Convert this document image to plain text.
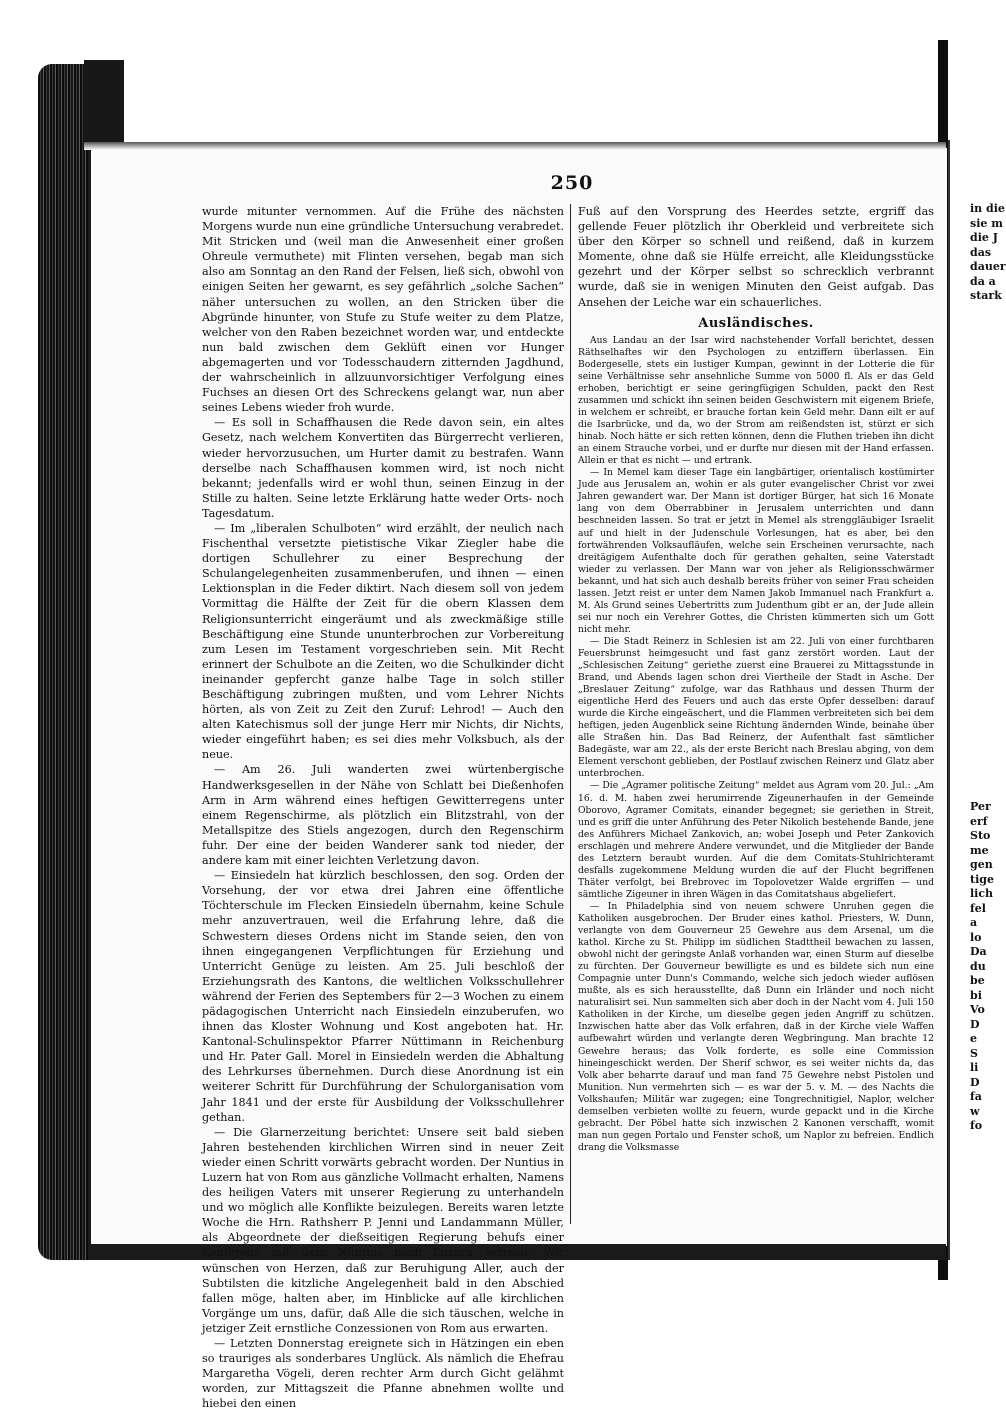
in die
sie m
die J
das
dauer
da a
stark
Per
erf
Sto
me
gen
tige
lich
fel
a
lo
Da
du
be
bi
Vo
D
e
S
li
D
fa
w
fo
250

wurde mitunter vernommen. Auf die Frühe des nächsten Morgens wurde nun eine gründliche Untersuchung verabredet. Mit Stricken und (weil man die Anwesenheit einer großen Ohreule vermuthete) mit Flinten versehen, begab man sich also am Sonntag an den Rand der Felsen, ließ sich, obwohl von einigen Seiten her gewarnt, es sey gefährlich „solche Sachen“ näher untersuchen zu wollen, an den Stricken über die Abgründe hinunter, von Stufe zu Stufe weiter zu dem Platze, welcher von den Raben bezeichnet worden war, und entdeckte nun bald zwischen dem Geklüft einen vor Hunger abgemagerten und vor Todesschaudern zitternden Jagdhund, der wahrscheinlich in allzuunvorsichtiger Verfolgung eines Fuchses an diesen Ort des Schreckens gelangt war, nun aber seines Lebens wieder froh wurde.

— Es soll in Schaffhausen die Rede davon sein, ein altes Gesetz, nach welchem Konvertiten das Bürgerrecht verlieren, wieder hervorzusuchen, um Hurter damit zu bestrafen. Wann derselbe nach Schaffhausen kommen wird, ist noch nicht bekannt; jedenfalls wird er wohl thun, seinen Einzug in der Stille zu halten. Seine letzte Erklärung hatte weder Orts- noch Tagesdatum.

— Im „liberalen Schulboten“ wird erzählt, der neulich nach Fischenthal versetzte pietistische Vikar Ziegler habe die dortigen Schullehrer zu einer Besprechung der Schulangelegenheiten zusammenberufen, und ihnen — einen Lektionsplan in die Feder diktirt. Nach diesem soll von jedem Vormittag die Hälfte der Zeit für die obern Klassen dem Religionsunterricht eingeräumt und als zweckmäßige stille Beschäftigung eine Stunde ununterbrochen zur Vorbereitung zum Lesen im Testament vorgeschrieben sein. Mit Recht erinnert der Schulbote an die Zeiten, wo die Schulkinder dicht ineinander gepfercht ganze halbe Tage in solch stiller Beschäftigung zubringen mußten, und vom Lehrer Nichts hörten, als von Zeit zu Zeit den Zuruf: Lehrod! — Auch den alten Katechismus soll der junge Herr mir Nichts, dir Nichts, wieder eingeführt haben; es sei dies mehr Volksbuch, als der neue.

— Am 26. Juli wanderten zwei würtenbergische Handwerksgesellen in der Nähe von Schlatt bei Dießenhofen Arm in Arm während eines heftigen Gewitterregens unter einem Regenschirme, als plötzlich ein Blitzstrahl, von der Metallspitze des Stiels angezogen, durch den Regenschirm fuhr. Der eine der beiden Wanderer sank tod nieder, der andere kam mit einer leichten Verletzung davon.

— Einsiedeln hat kürzlich beschlossen, den sog. Orden der Vorsehung, der vor etwa drei Jahren eine öffentliche Töchterschule im Flecken Einsiedeln übernahm, keine Schule mehr anzuvertrauen, weil die Erfahrung lehre, daß die Schwestern dieses Ordens nicht im Stande seien, den von ihnen eingegangenen Verpflichtungen für Erziehung und Unterricht Genüge zu leisten. Am 25. Juli beschloß der Erziehungsrath des Kantons, die weltlichen Volksschullehrer während der Ferien des Septembers für 2—3 Wochen zu einem pädagogischen Unterricht nach Einsiedeln einzuberufen, wo ihnen das Kloster Wohnung und Kost angeboten hat. Hr. Kantonal-Schulinspektor Pfarrer Nüttimann in Reichenburg und Hr. Pater Gall. Morel in Einsiedeln werden die Abhaltung des Lehrkurses übernehmen. Durch diese Anordnung ist ein weiterer Schritt für Durchführung der Schulorganisation vom Jahr 1841 und der erste für Ausbildung der Volksschullehrer gethan.

— Die Glarnerzeitung berichtet: Unsere seit bald sieben Jahren bestehenden kirchlichen Wirren sind in neuer Zeit wieder einen Schritt vorwärts gebracht worden. Der Nuntius in Luzern hat von Rom aus gänzliche Vollmacht erhalten, Namens des heiligen Vaters mit unserer Regierung zu unterhandeln und wo möglich alle Konflikte beizulegen. Bereits waren letzte Woche die Hrn. Rathsherr P. Jenni und Landammann Müller, als Abgeordnete der dießseitigen Regierung behufs einer Konferenz mit dem Nuntius nach Luzern verreist. Wir wünschen von Herzen, daß zur Beruhigung Aller, auch der Subtilsten die kitzliche Angelegenheit bald in den Abschied fallen möge, halten aber, im Hinblicke auf alle kirchlichen Vorgänge um uns, dafür, daß Alle die sich täuschen, welche in jetziger Zeit ernstliche Conzessionen von Rom aus erwarten.

— Letzten Donnerstag ereignete sich in Hätzingen ein eben so trauriges als sonderbares Unglück. Als nämlich die Ehefrau Margaretha Vögeli, deren rechter Arm durch Gicht gelähmt worden, zur Mittagszeit die Pfanne abnehmen wollte und hiebei den einen

Fuß auf den Vorsprung des Heerdes setzte, ergriff das gellende Feuer plötzlich ihr Oberkleid und verbreitete sich über den Körper so schnell und reißend, daß in kurzem Momente, ohne daß sie Hülfe erreicht, alle Kleidungsstücke gezehrt und der Körper selbst so schrecklich verbrannt wurde, daß sie in wenigen Minuten den Geist aufgab. Das Ansehen der Leiche war ein schauerliches.

Ausländisches.

Aus Landau an der Isar wird nachstehender Vorfall berichtet, dessen Räthselhaftes wir den Psychologen zu entziffern überlassen. Ein Bodergeselle, stets ein lustiger Kumpan, gewinnt in der Lotterie die für seine Verhältnisse sehr ansehnliche Summe von 5000 fl. Als er das Geld erhoben, berichtigt er seine geringfügigen Schulden, packt den Rest zusammen und schickt ihn seinen beiden Geschwistern mit eigenem Briefe, in welchem er schreibt, er brauche fortan kein Geld mehr. Dann eilt er auf die Isarbrücke, und da, wo der Strom am reißendsten ist, stürzt er sich hinab. Noch hätte er sich retten können, denn die Fluthen trieben ihn dicht an einem Strauche vorbei, und er durfte nur diesen mit der Hand erfassen. Allein er that es nicht — und ertrank.

— In Memel kam dieser Tage ein langbärtiger, orientalisch kostümirter Jude aus Jerusalem an, wohin er als guter evangelischer Christ vor zwei Jahren gewandert war. Der Mann ist dortiger Bürger, hat sich 16 Monate lang von dem Oberrabbiner in Jerusalem unterrichten und dann beschneiden lassen. So trat er jetzt in Memel als strenggläubiger Israelit auf und hielt in der Judenschule Vorlesungen, hat es aber, bei den fortwährenden Volksaufläufen, welche sein Erscheinen verursachte, nach dreitägigem Aufenthalte doch für gerathen gehalten, seine Vaterstadt wieder zu verlassen. Der Mann war von jeher als Religionsschwärmer bekannt, und hat sich auch deshalb bereits früher von seiner Frau scheiden lassen. Jetzt reist er unter dem Namen Jakob Immanuel nach Frankfurt a. M. Als Grund seines Uebertritts zum Judenthum gibt er an, der Jude allein sei nur noch ein Verehrer Gottes, die Christen kümmerten sich um Gott nicht mehr.

— Die Stadt Reinerz in Schlesien ist am 22. Juli von einer furchtbaren Feuersbrunst heimgesucht und fast ganz zerstört worden. Laut der „Schlesischen Zeitung“ geriethe zuerst eine Brauerei zu Mittagsstunde in Brand, und Abends lagen schon drei Viertheile der Stadt in Asche. Der „Breslauer Zeitung“ zufolge, war das Rathhaus und dessen Thurm der eigentliche Herd des Feuers und auch das erste Opfer desselben: darauf wurde die Kirche eingeäschert, und die Flammen verbreiteten sich bei dem heftigen, jeden Augenblick seine Richtung ändernden Winde, beinahe über alle Straßen hin. Das Bad Reinerz, der Aufenthalt fast sämtlicher Badegäste, war am 22., als der erste Bericht nach Breslau abging, von dem Element verschont geblieben, der Postlauf zwischen Reinerz und Glatz aber unterbrochen.

— Die „Agramer politische Zeitung“ meldet aus Agram vom 20. Jul.: „Am 16. d. M. haben zwei herumirrende Zigeunerhaufen in der Gemeinde Oborovo, Agramer Comitats, einander begegnet; sie geriethen in Streit, und es griff die unter Anführung des Peter Nikolich bestehende Bande, jene des Anführers Michael Zankovich, an; wobei Joseph und Peter Zankovich erschlagen und mehrere Andere verwundet, und die Mitglieder der Bande des Letztern beraubt wurden. Auf die dem Comitats-Stuhlrichteramt desfalls zugekommene Meldung wurden die auf der Flucht begriffenen Thäter verfolgt, bei Brebrovec im Topolovetzer Walde ergriffen — und sämtliche Zigeuner in ihren Wägen in das Comitatshaus abgeliefert.

— In Philadelphia sind von neuem schwere Unruhen gegen die Katholiken ausgebrochen. Der Bruder eines kathol. Priesters, W. Dunn, verlangte von dem Gouverneur 25 Gewehre aus dem Arsenal, um die kathol. Kirche zu St. Philipp im südlichen Stadttheil bewachen zu lassen, obwohl nicht der geringste Anlaß vorhanden war, einen Sturm auf dieselbe zu fürchten. Der Gouverneur bewilligte es und es bildete sich nun eine Compagnie unter Dunn's Commando, welche sich jedoch wieder auflösen mußte, als es sich herausstellte, daß Dunn ein Irländer und noch nicht naturalisirt sei. Nun sammelten sich aber doch in der Nacht vom 4. Juli 150 Katholiken in der Kirche, um dieselbe gegen jeden Angriff zu schützen. Inzwischen hatte aber das Volk erfahren, daß in der Kirche viele Waffen aufbewahrt würden und verlangte deren Wegbringung. Man brachte 12 Gewehre heraus; das Volk forderte, es solle eine Commission hineingeschickt werden. Der Sherif schwor, es sei weiter nichts da, das Volk aber beharrte darauf und man fand 75 Gewehre nebst Pistolen und Munition. Nun vermehrten sich — es war der 5. v. M. — des Nachts die Volkshaufen; Militär war zugegen; eine Tongrechnitigiel, Naplor, welcher demselben verbieten wollte zu feuern, wurde gepackt und in die Kirche gebracht. Der Pöbel hatte sich inzwischen 2 Kanonen verschafft, womit man nun gegen Portalo und Fenster schoß, um Naplor zu befreien. Endlich drang die Volksmasse
